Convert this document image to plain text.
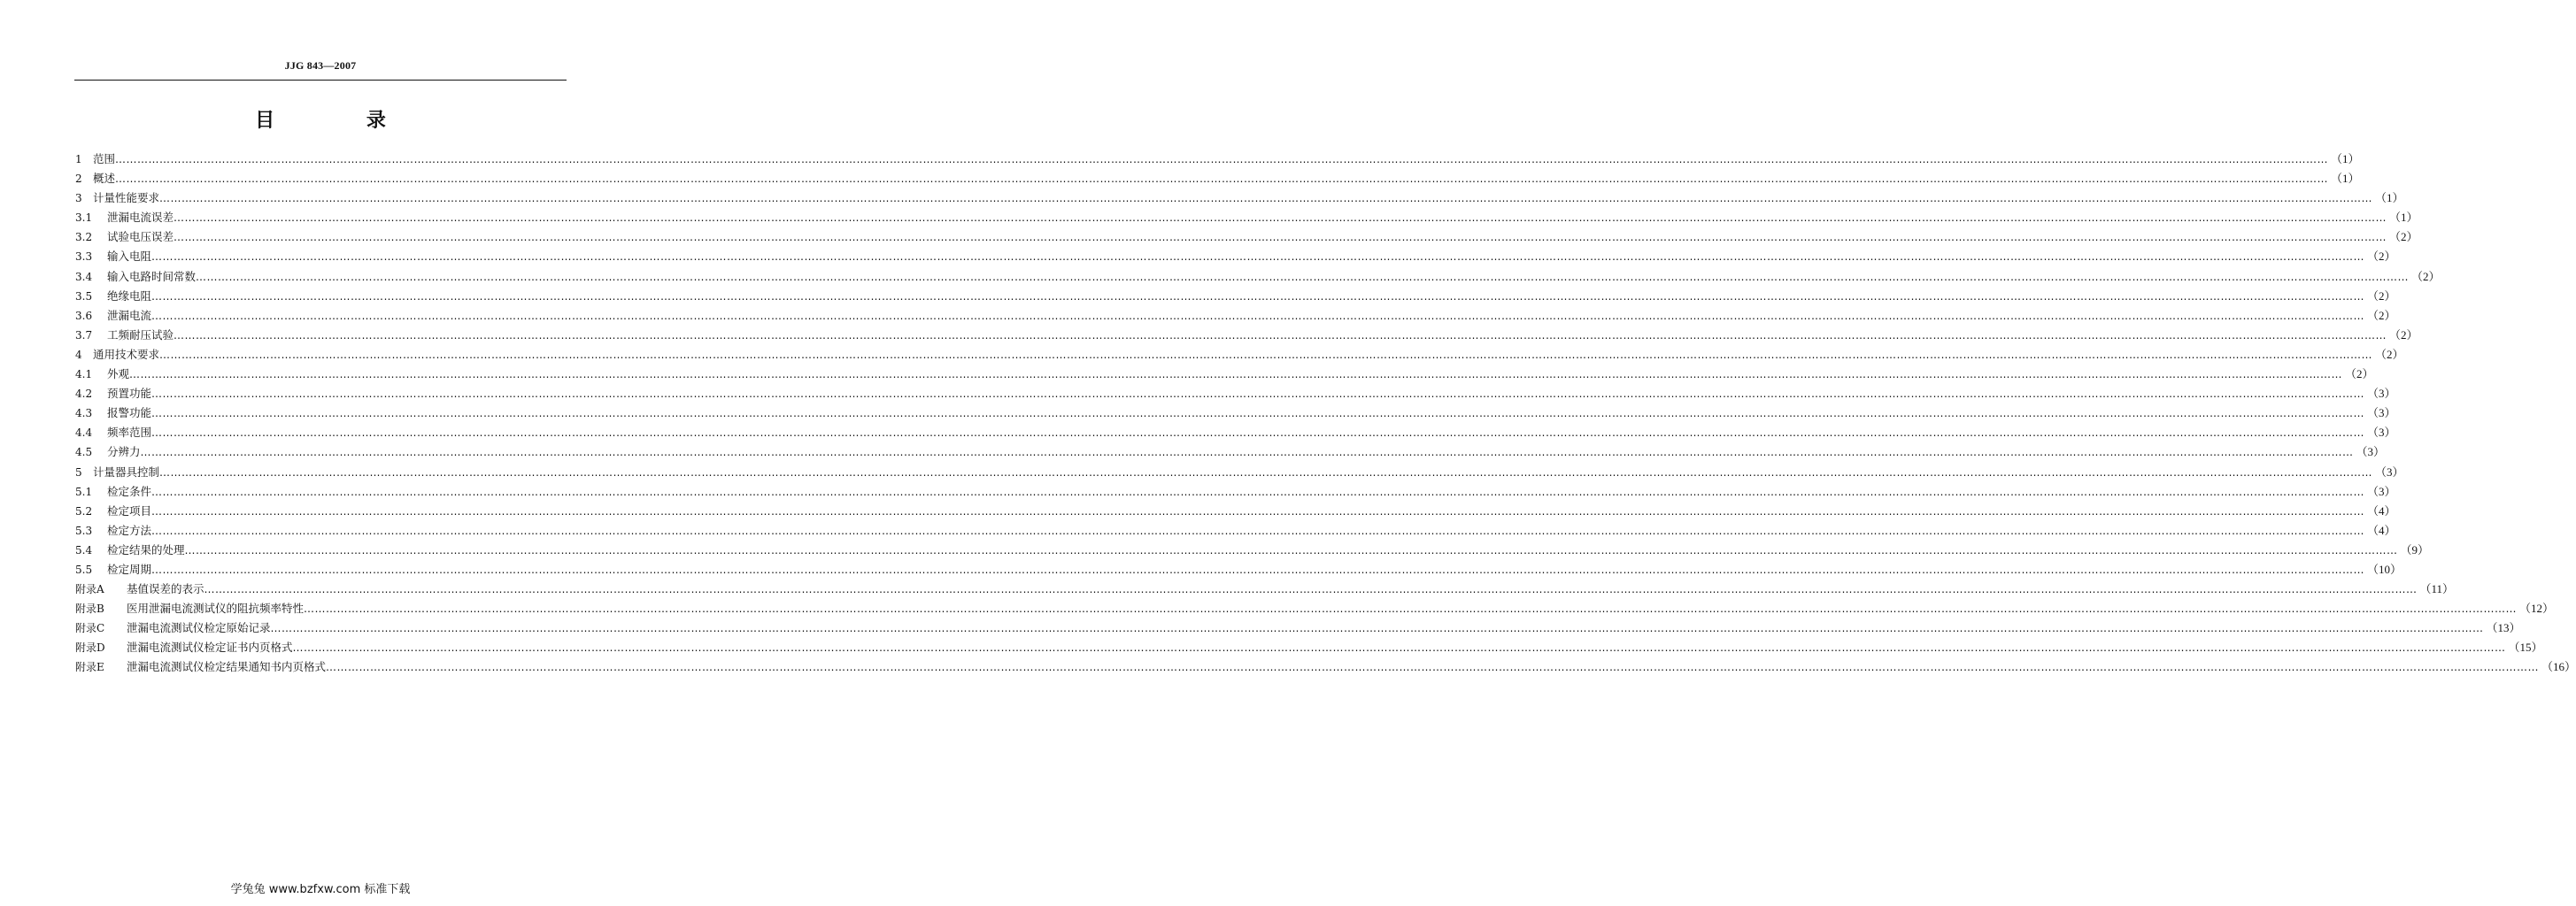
JJG 843—2007
目 录
1 范围 …………………………………………………………………………………………………………………………………………………………………………………………………………………………………………………………………………………………………………………………………………………………………………………………………………………………………………………………………………………………………………………………………………………… （1）
2 概述 …………………………………………………………………………………………………………………………………………………………………………………………………………………………………………………………………………………………………………………………………………………………………………………………………………………………………………………………………………………………………………………………………………………… （1）
3 计量性能要求 …………………………………………………………………………………………………………………………………………………………………………………………………………………………………………………………………………………………………………………………………………………………………………………………………………………………………………………………………………………………………………………………………………………… （1）
3.1	泄漏电流误差 …………………………………………………………………………………………………………………………………………………………………………………………………………………………………………………………………………………………………………………………………………………………………………………………………………………………………………………………………………………………………………………………………………………… （1）
3.2	试验电压误差 …………………………………………………………………………………………………………………………………………………………………………………………………………………………………………………………………………………………………………………………………………………………………………………………………………………………………………………………………………………………………………………………………………………… （2）
3.3	输入电阻 …………………………………………………………………………………………………………………………………………………………………………………………………………………………………………………………………………………………………………………………………………………………………………………………………………………………………………………………………………………………………………………………………………………… （2）
3.4	输入电路时间常数 …………………………………………………………………………………………………………………………………………………………………………………………………………………………………………………………………………………………………………………………………………………………………………………………………………………………………………………………………………………………………………………………………………………… （2）
3.5	绝缘电阻 …………………………………………………………………………………………………………………………………………………………………………………………………………………………………………………………………………………………………………………………………………………………………………………………………………………………………………………………………………………………………………………………………………………… （2）
3.6	泄漏电流 …………………………………………………………………………………………………………………………………………………………………………………………………………………………………………………………………………………………………………………………………………………………………………………………………………………………………………………………………………………………………………………………………………………… （2）
3.7	工频耐压试验 …………………………………………………………………………………………………………………………………………………………………………………………………………………………………………………………………………………………………………………………………………………………………………………………………………………………………………………………………………………………………………………………………………………… （2）
4 通用技术要求 …………………………………………………………………………………………………………………………………………………………………………………………………………………………………………………………………………………………………………………………………………………………………………………………………………………………………………………………………………………………………………………………………………………… （2）
4.1	外观 …………………………………………………………………………………………………………………………………………………………………………………………………………………………………………………………………………………………………………………………………………………………………………………………………………………………………………………………………………………………………………………………………………………… （2）
4.2	预置功能 …………………………………………………………………………………………………………………………………………………………………………………………………………………………………………………………………………………………………………………………………………………………………………………………………………………………………………………………………………………………………………………………………………………… （3）
4.3	报警功能 …………………………………………………………………………………………………………………………………………………………………………………………………………………………………………………………………………………………………………………………………………………………………………………………………………………………………………………………………………………………………………………………………………………… （3）
4.4	频率范围 …………………………………………………………………………………………………………………………………………………………………………………………………………………………………………………………………………………………………………………………………………………………………………………………………………………………………………………………………………………………………………………………………………………… （3）
4.5	分辨力 …………………………………………………………………………………………………………………………………………………………………………………………………………………………………………………………………………………………………………………………………………………………………………………………………………………………………………………………………………………………………………………………………………………… （3）
5 计量器具控制 …………………………………………………………………………………………………………………………………………………………………………………………………………………………………………………………………………………………………………………………………………………………………………………………………………………………………………………………………………………………………………………………………………………… （3）
5.1	检定条件 …………………………………………………………………………………………………………………………………………………………………………………………………………………………………………………………………………………………………………………………………………………………………………………………………………………………………………………………………………………………………………………………………………………… （3）
5.2	检定项目 …………………………………………………………………………………………………………………………………………………………………………………………………………………………………………………………………………………………………………………………………………………………………………………………………………………………………………………………………………………………………………………………………………………… （4）
5.3	检定方法 …………………………………………………………………………………………………………………………………………………………………………………………………………………………………………………………………………………………………………………………………………………………………………………………………………………………………………………………………………………………………………………………………………………… （4）
5.4	检定结果的处理 …………………………………………………………………………………………………………………………………………………………………………………………………………………………………………………………………………………………………………………………………………………………………………………………………………………………………………………………………………………………………………………………………………………… （9）
5.5	检定周期 …………………………………………………………………………………………………………………………………………………………………………………………………………………………………………………………………………………………………………………………………………………………………………………………………………………………………………………………………………………………………………………………………………………… （10）
附录A	基值误差的表示 …………………………………………………………………………………………………………………………………………………………………………………………………………………………………………………………………………………………………………………………………………………………………………………………………………………………………………………………………………………………………………………………………………………… （11）
附录B	医用泄漏电流测试仪的阻抗频率特性 …………………………………………………………………………………………………………………………………………………………………………………………………………………………………………………………………………………………………………………………………………………………………………………………………………………………………………………………………………………………………………………………………………………… （12）
附录C	泄漏电流测试仪检定原始记录 …………………………………………………………………………………………………………………………………………………………………………………………………………………………………………………………………………………………………………………………………………………………………………………………………………………………………………………………………………………………………………………………………………………… （13）
附录D	泄漏电流测试仪检定证书内页格式 …………………………………………………………………………………………………………………………………………………………………………………………………………………………………………………………………………………………………………………………………………………………………………………………………………………………………………………………………………………………………………………………………………………… （15）
附录E	泄漏电流测试仪检定结果通知书内页格式 …………………………………………………………………………………………………………………………………………………………………………………………………………………………………………………………………………………………………………………………………………………………………………………………………………………………………………………………………………………………………………………………………………………… （16）
学兔兔 www.bzfxw.com 标准下载
